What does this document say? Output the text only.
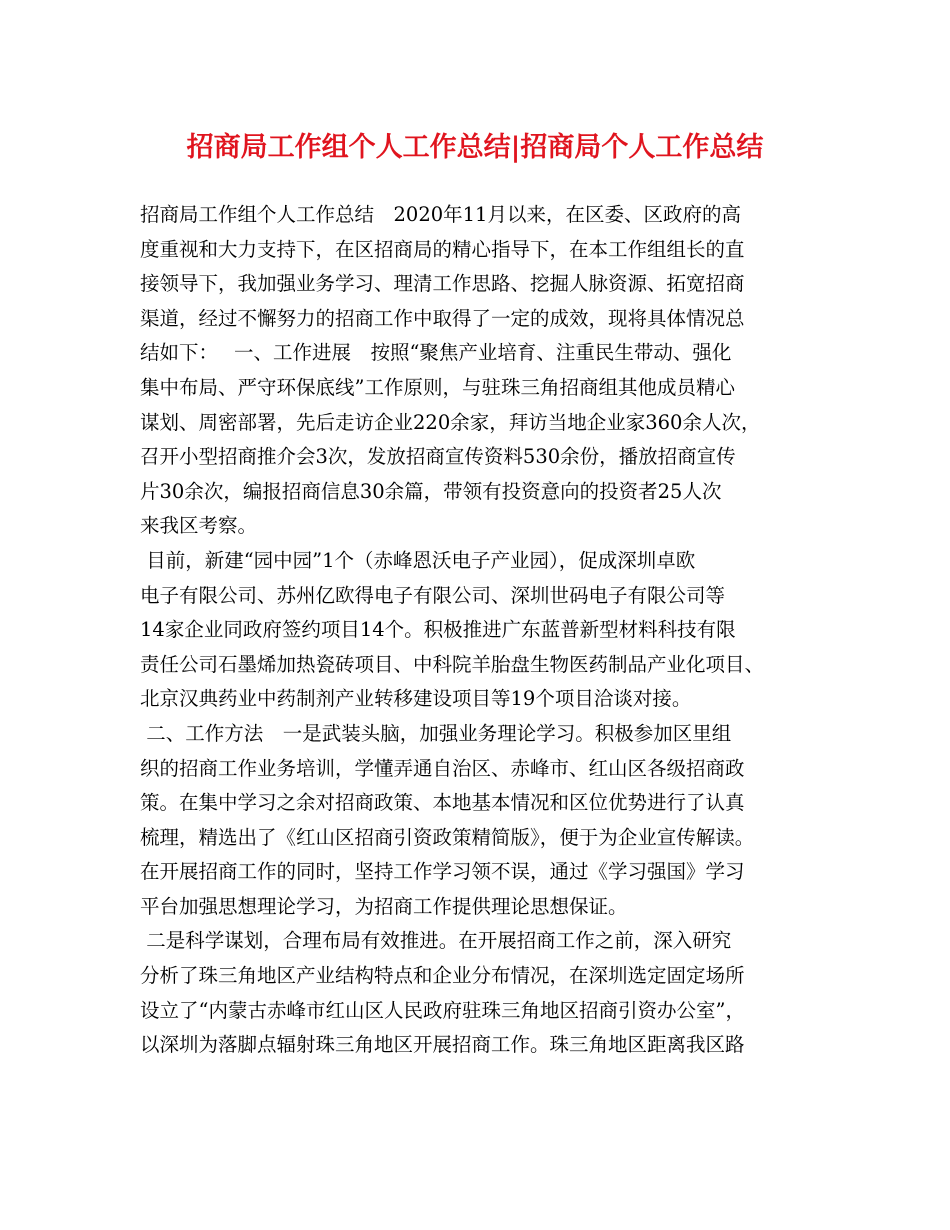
招商局工作组个人工作总结|招商局个人工作总结
招商局工作组个人工作总结　2020年11月以来，在区委、区政府的高
度重视和大力支持下，在区招商局的精心指导下，在本工作组组长的直
接领导下，我加强业务学习、理清工作思路、挖掘人脉资源、拓宽招商
渠道，经过不懈努力的招商工作中取得了一定的成效，现将具体情况总
结如下：　 一、工作进展　按照“聚焦产业培育、注重民生带动、强化
集中布局、严守环保底线”工作原则，与驻珠三角招商组其他成员精心
谋划、周密部署，先后走访企业220余家，拜访当地企业家360余人次，
召开小型招商推介会3次，发放招商宣传资料530余份，播放招商宣传
片30余次，编报招商信息30余篇，带领有投资意向的投资者25人次
来我区考察。
目前，新建“园中园”1个（赤峰恩沃电子产业园），促成深圳卓欧
电子有限公司、苏州亿欧得电子有限公司、深圳世码电子有限公司等
14家企业同政府签约项目14个。积极推进广东蓝普新型材料科技有限
责任公司石墨烯加热瓷砖项目、中科院羊胎盘生物医药制品产业化项目、
北京汉典药业中药制剂产业转移建设项目等19个项目洽谈对接。
二、工作方法　一是武装头脑，加强业务理论学习。积极参加区里组
织的招商工作业务培训，学懂弄通自治区、赤峰市、红山区各级招商政
策。在集中学习之余对招商政策、本地基本情况和区位优势进行了认真
梳理，精选出了《红山区招商引资政策精简版》，便于为企业宣传解读。
在开展招商工作的同时，坚持工作学习领不误，通过《学习强国》学习
平台加强思想理论学习，为招商工作提供理论思想保证。
二是科学谋划，合理布局有效推进。在开展招商工作之前，深入研究
分析了珠三角地区产业结构特点和企业分布情况，在深圳选定固定场所
设立了“内蒙古赤峰市红山区人民政府驻珠三角地区招商引资办公室”，
以深圳为落脚点辐射珠三角地区开展招商工作。珠三角地区距离我区路
